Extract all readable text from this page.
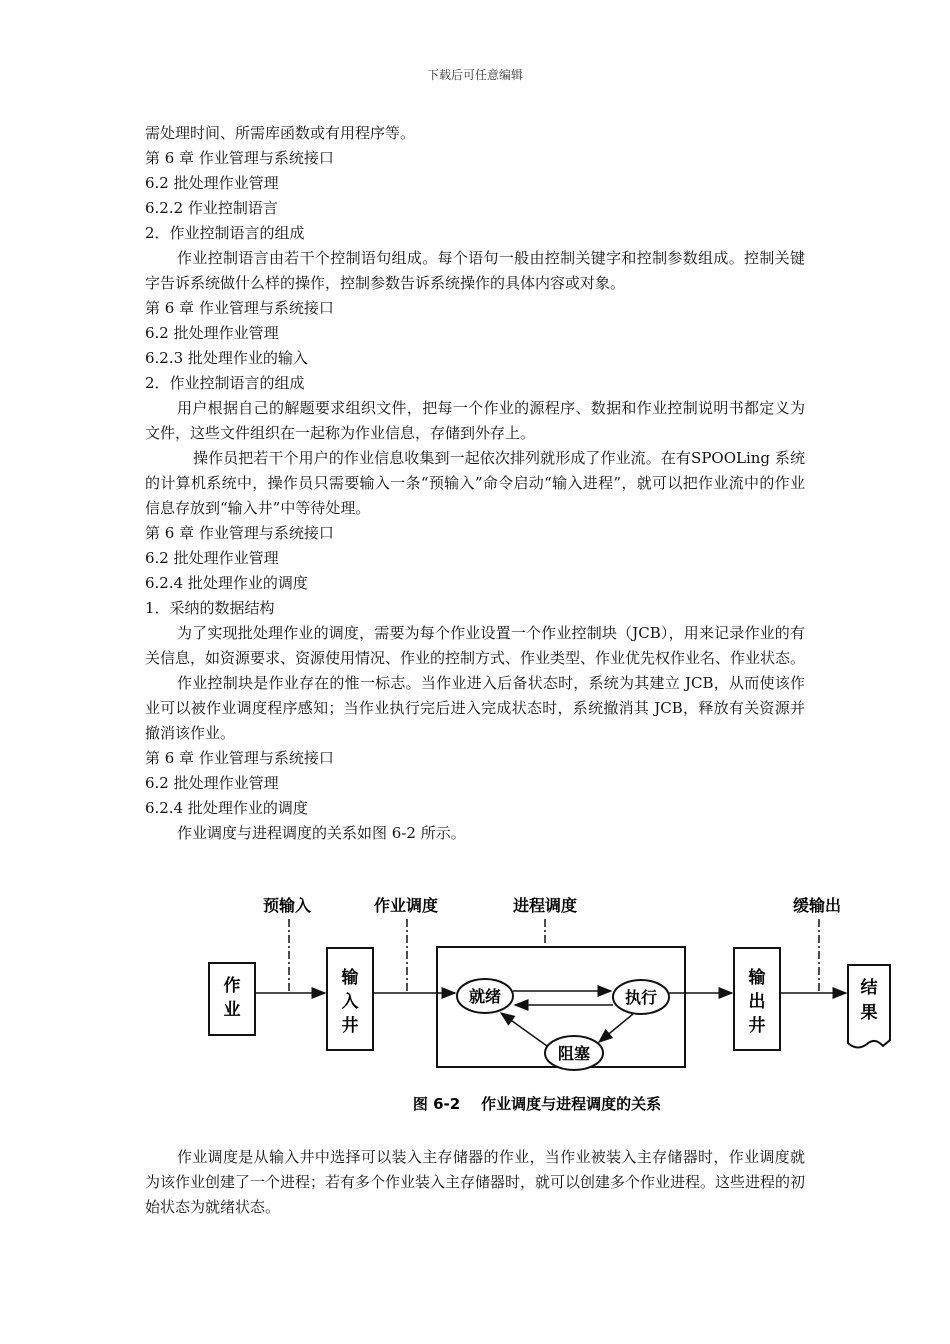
下载后可任意编辑
需处理时间、所需库函数或有用程序等。
第 6 章 作业管理与系统接口
6.2 批处理作业管理
6.2.2 作业控制语言
2．作业控制语言的组成
作业控制语言由若干个控制语句组成。每个语句一般由控制关键字和控制参数组成。控制关键字告诉系统做什么样的操作，控制参数告诉系统操作的具体内容或对象。
第 6 章 作业管理与系统接口
6.2 批处理作业管理
6.2.3 批处理作业的输入
2．作业控制语言的组成
用户根据自己的解题要求组织文件，把每一个作业的源程序、数据和作业控制说明书都定义为文件，这些文件组织在一起称为作业信息，存储到外存上。
操作员把若干个用户的作业信息收集到一起依次排列就形成了作业流。在有SPOOLing 系统的计算机系统中，操作员只需要输入一条“预输入”命令启动“输入进程”，就可以把作业流中的作业信息存放到“输入井”中等待处理。
第 6 章 作业管理与系统接口
6.2 批处理作业管理
6.2.4 批处理作业的调度
1．采纳的数据结构
为了实现批处理作业的调度，需要为每个作业设置一个作业控制块（JCB），用来记录作业的有关信息，如资源要求、资源使用情况、作业的控制方式、作业类型、作业优先权作业名、作业状态。
作业控制块是作业存在的惟一标志。当作业进入后备状态时，系统为其建立 JCB，从而使该作业可以被作业调度程序感知；当作业执行完后进入完成状态时，系统撤消其 JCB，释放有关资源并撤消该作业。
第 6 章 作业管理与系统接口
6.2 批处理作业管理
6.2.4 批处理作业的调度
作业调度与进程调度的关系如图 6-2 所示。
预输入	作业调度	进程调度	缓输出
作
业
输
入
井
就绪	执行
阻塞
输
出
井
结
果
图 6-2    作业调度与进程调度的关系
作业调度是从输入井中选择可以装入主存储器的作业，当作业被装入主存储器时，作业调度就为该作业创建了一个进程；若有多个作业装入主存储器时，就可以创建多个作业进程。这些进程的初始状态为就绪状态。
